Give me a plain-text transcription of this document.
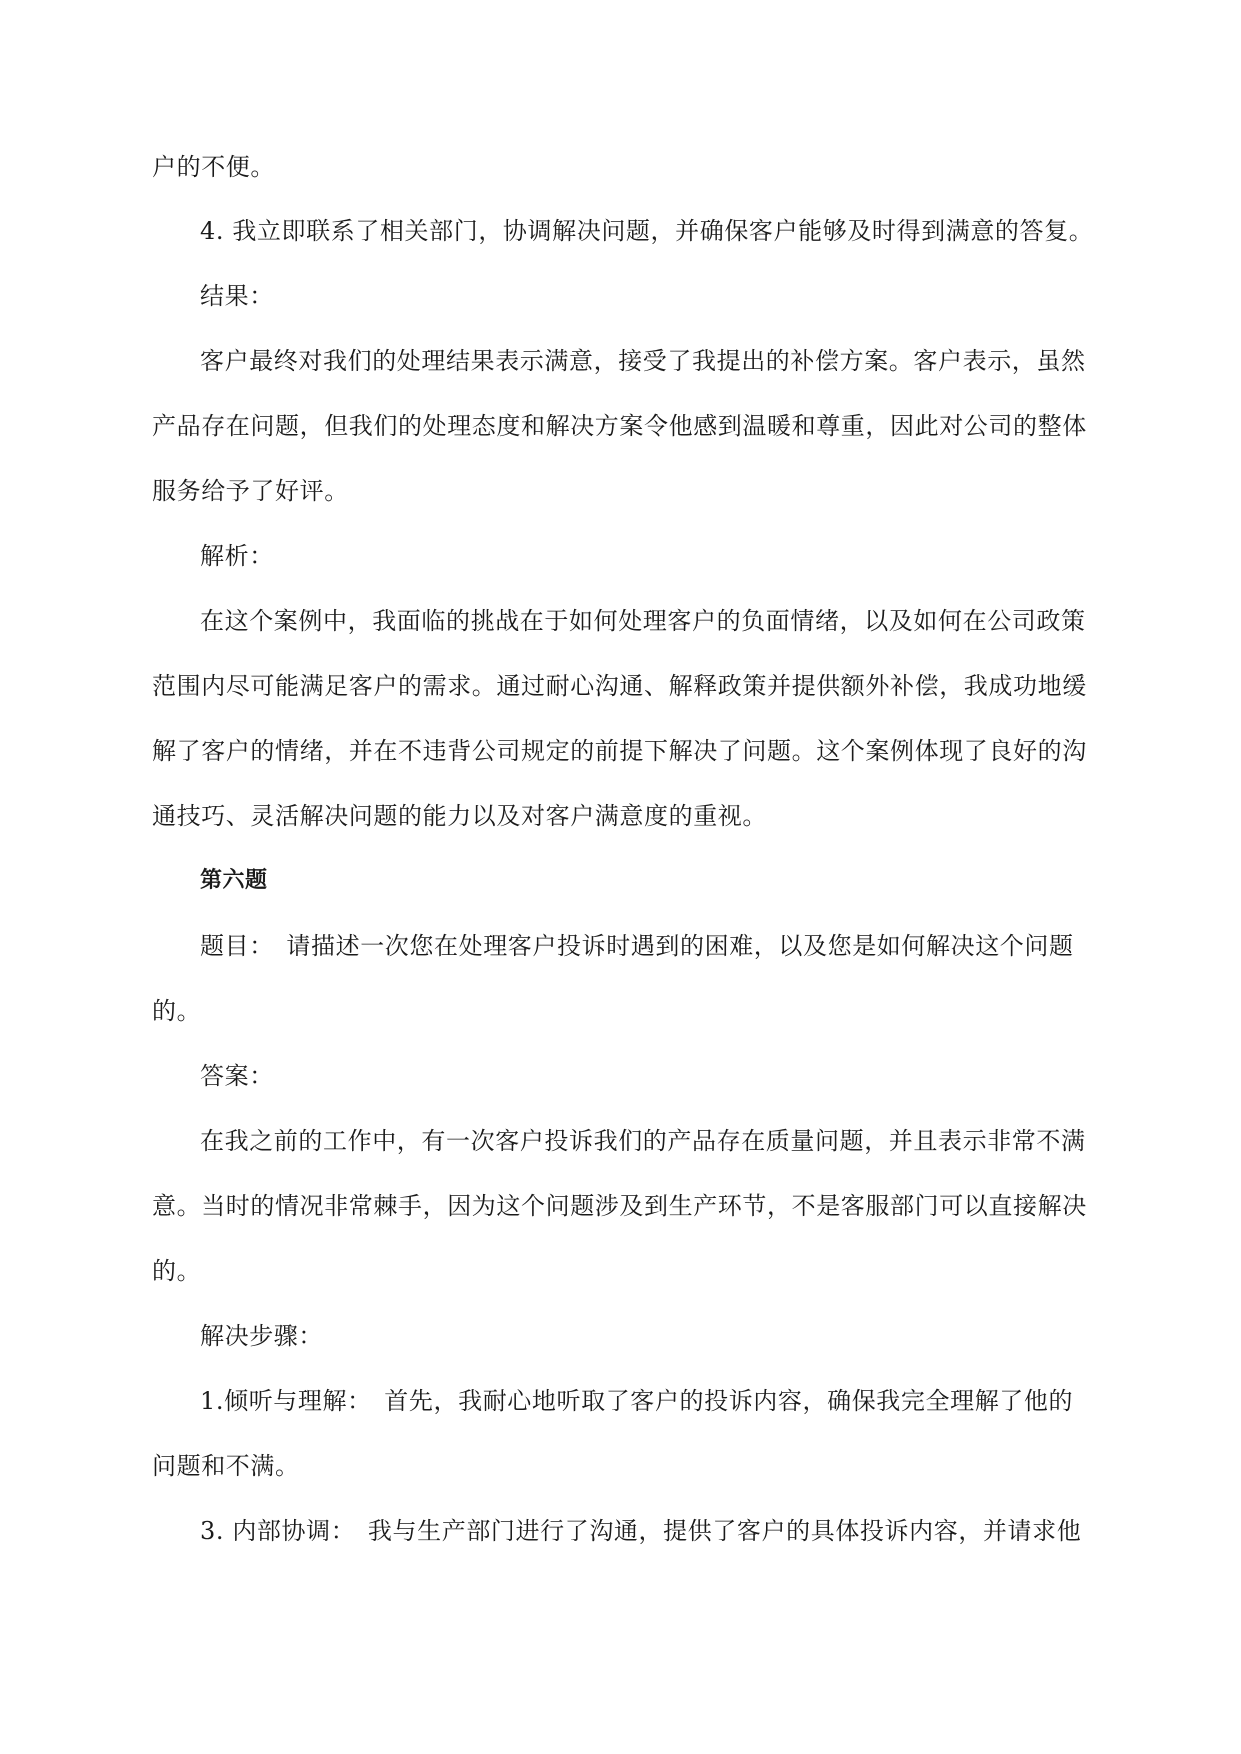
户的不便。

4. 我立即联系了相关部门，协调解决问题，并确保客户能够及时得到满意的答复。

结果：

客户最终对我们的处理结果表示满意，接受了我提出的补偿方案。客户表示，虽然

产品存在问题，但我们的处理态度和解决方案令他感到温暖和尊重，因此对公司的整体

服务给予了好评。

解析：

在这个案例中，我面临的挑战在于如何处理客户的负面情绪，以及如何在公司政策

范围内尽可能满足客户的需求。通过耐心沟通、解释政策并提供额外补偿，我成功地缓

解了客户的情绪，并在不违背公司规定的前提下解决了问题。这个案例体现了良好的沟

通技巧、灵活解决问题的能力以及对客户满意度的重视。

第六题

题目：　请描述一次您在处理客户投诉时遇到的困难，以及您是如何解决这个问题

的。

答案：

在我之前的工作中，有一次客户投诉我们的产品存在质量问题，并且表示非常不满

意。当时的情况非常棘手，因为这个问题涉及到生产环节，不是客服部门可以直接解决

的。

解决步骤：

1.倾听与理解：　首先，我耐心地听取了客户的投诉内容，确保我完全理解了他的

问题和不满。

3. 内部协调：　我与生产部门进行了沟通，提供了客户的具体投诉内容，并请求他
